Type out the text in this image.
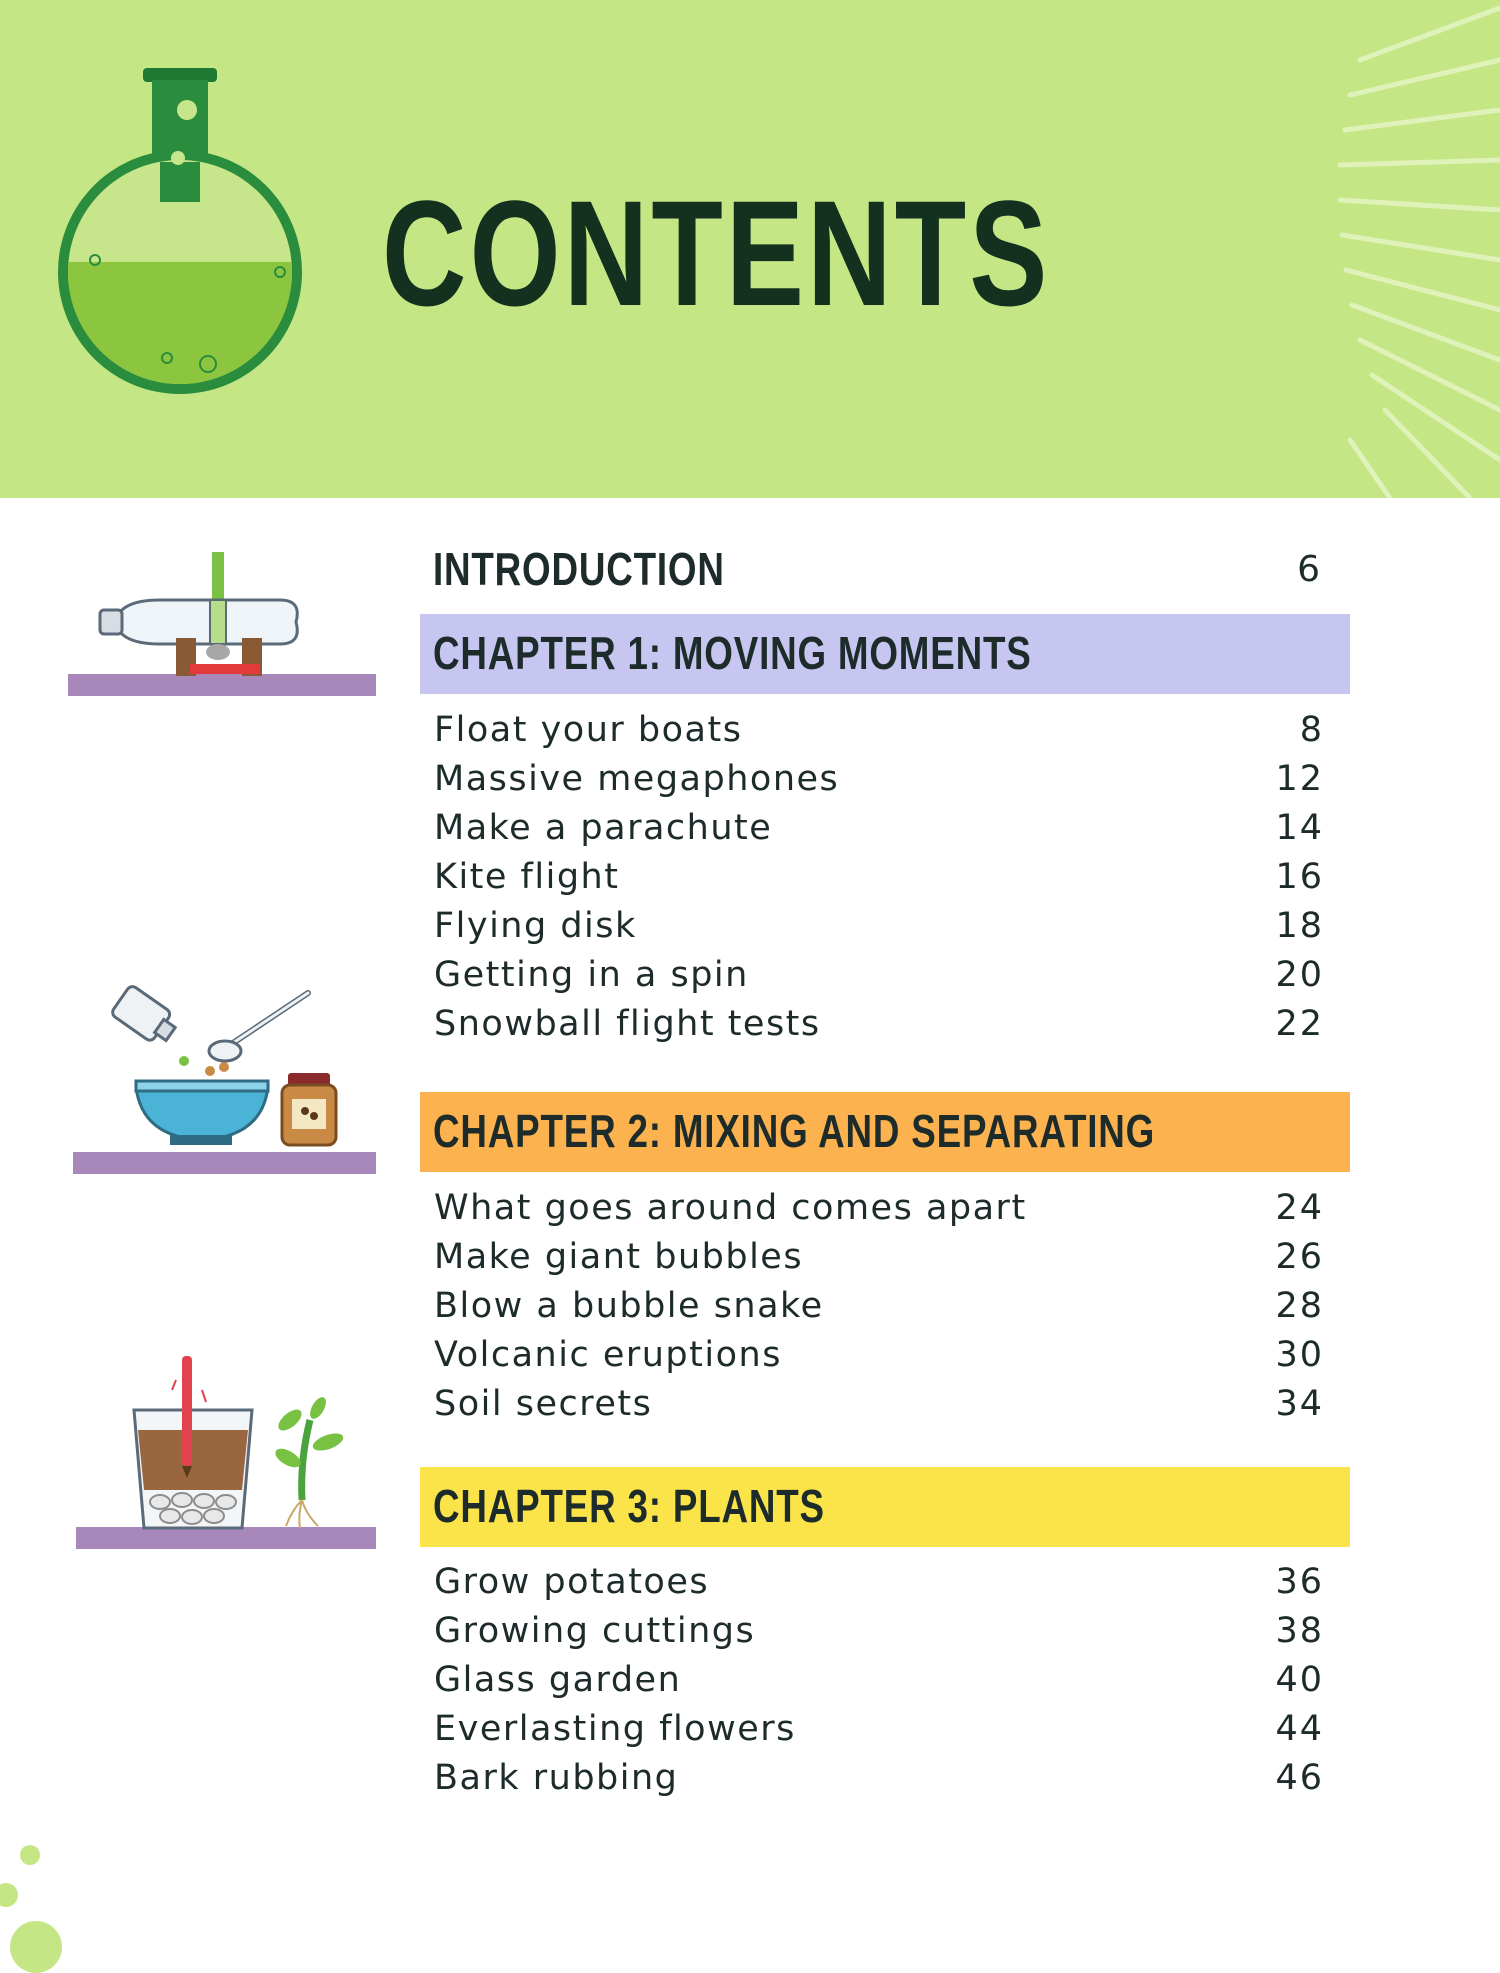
CONTENTS
INTRODUCTION	6
CHAPTER 1: MOVING MOMENTS
Float your boats	8
Massive megaphones	12
Make a parachute	14
Kite flight	16
Flying disk	18
Getting in a spin	20
Snowball flight tests	22
CHAPTER 2: MIXING AND SEPARATING
What goes around comes apart	24
Make giant bubbles	26
Blow a bubble snake	28
Volcanic eruptions	30
Soil secrets	34
CHAPTER 3: PLANTS
Grow potatoes	36
Growing cuttings	38
Glass garden	40
Everlasting flowers	44
Bark rubbing	46
